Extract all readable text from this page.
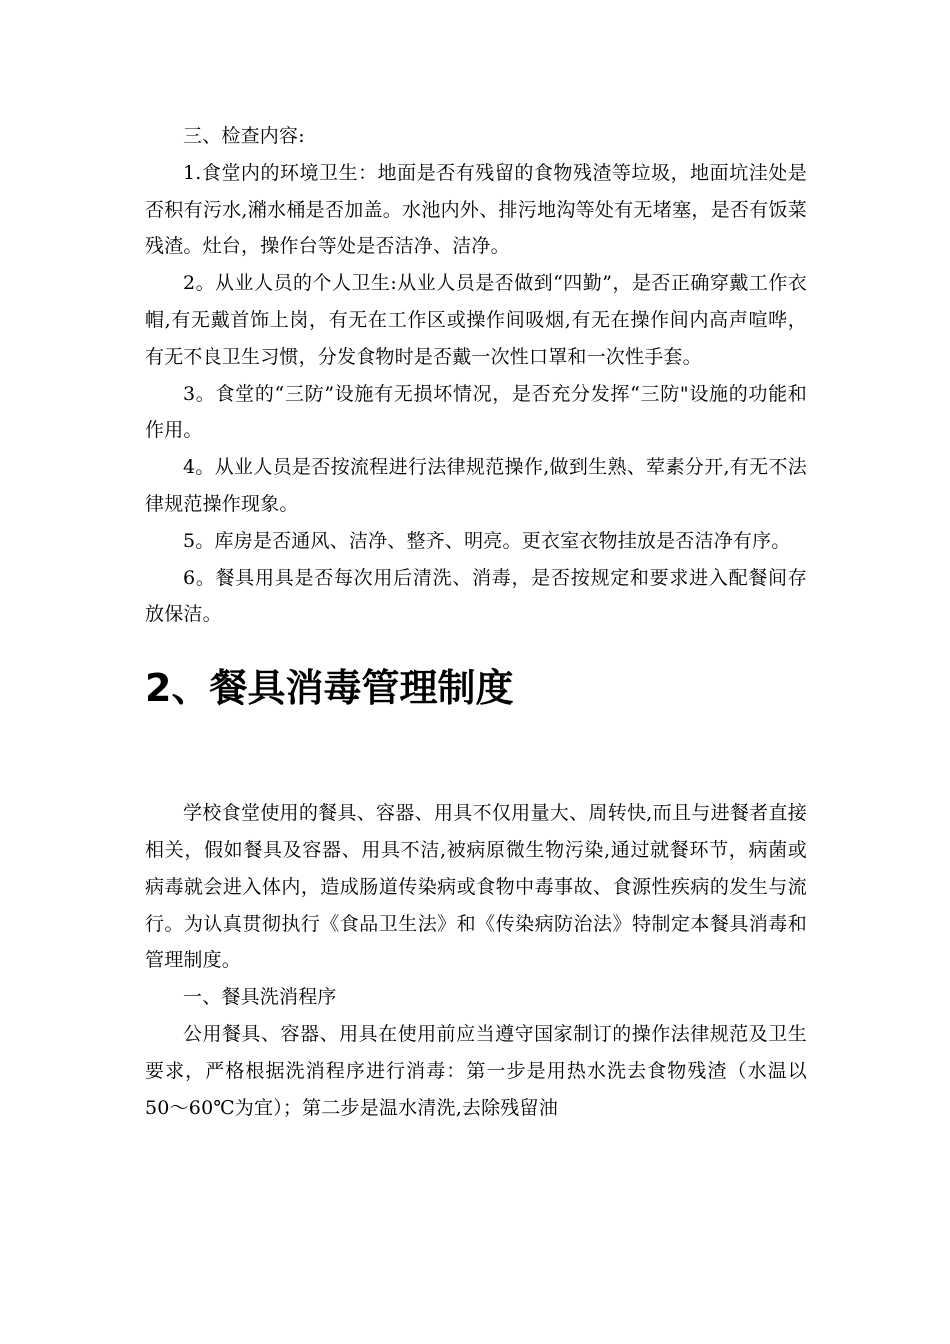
三、检查内容:

1.食堂内的环境卫生：地面是否有残留的食物残渣等垃圾，地面坑洼处是否积有污水,潲水桶是否加盖。水池内外、排污地沟等处有无堵塞，是否有饭菜残渣。灶台，操作台等处是否洁净、洁净。

2。从业人员的个人卫生:从业人员是否做到“四勤”，是否正确穿戴工作衣帽,有无戴首饰上岗，有无在工作区或操作间吸烟,有无在操作间内高声喧哗，有无不良卫生习惯，分发食物时是否戴一次性口罩和一次性手套。

3。食堂的“三防”设施有无损坏情况，是否充分发挥“三防"设施的功能和作用。

4。从业人员是否按流程进行法律规范操作,做到生熟、荤素分开,有无不法律规范操作现象。

5。库房是否通风、洁净、整齐、明亮。更衣室衣物挂放是否洁净有序。

6。餐具用具是否每次用后清洗、消毒，是否按规定和要求进入配餐间存放保洁。

2、餐具消毒管理制度

学校食堂使用的餐具、容器、用具不仅用量大、周转快,而且与进餐者直接相关，假如餐具及容器、用具不洁,被病原微生物污染,通过就餐环节，病菌或病毒就会进入体内，造成肠道传染病或食物中毒事故、食源性疾病的发生与流行。为认真贯彻执行《食品卫生法》和《传染病防治法》特制定本餐具消毒和管理制度。

一、餐具洗消程序

公用餐具、容器、用具在使用前应当遵守国家制订的操作法律规范及卫生要求，严格根据洗消程序进行消毒：第一步是用热水洗去食物残渣（水温以 50～60℃为宜）；第二步是温水清洗,去除残留油
